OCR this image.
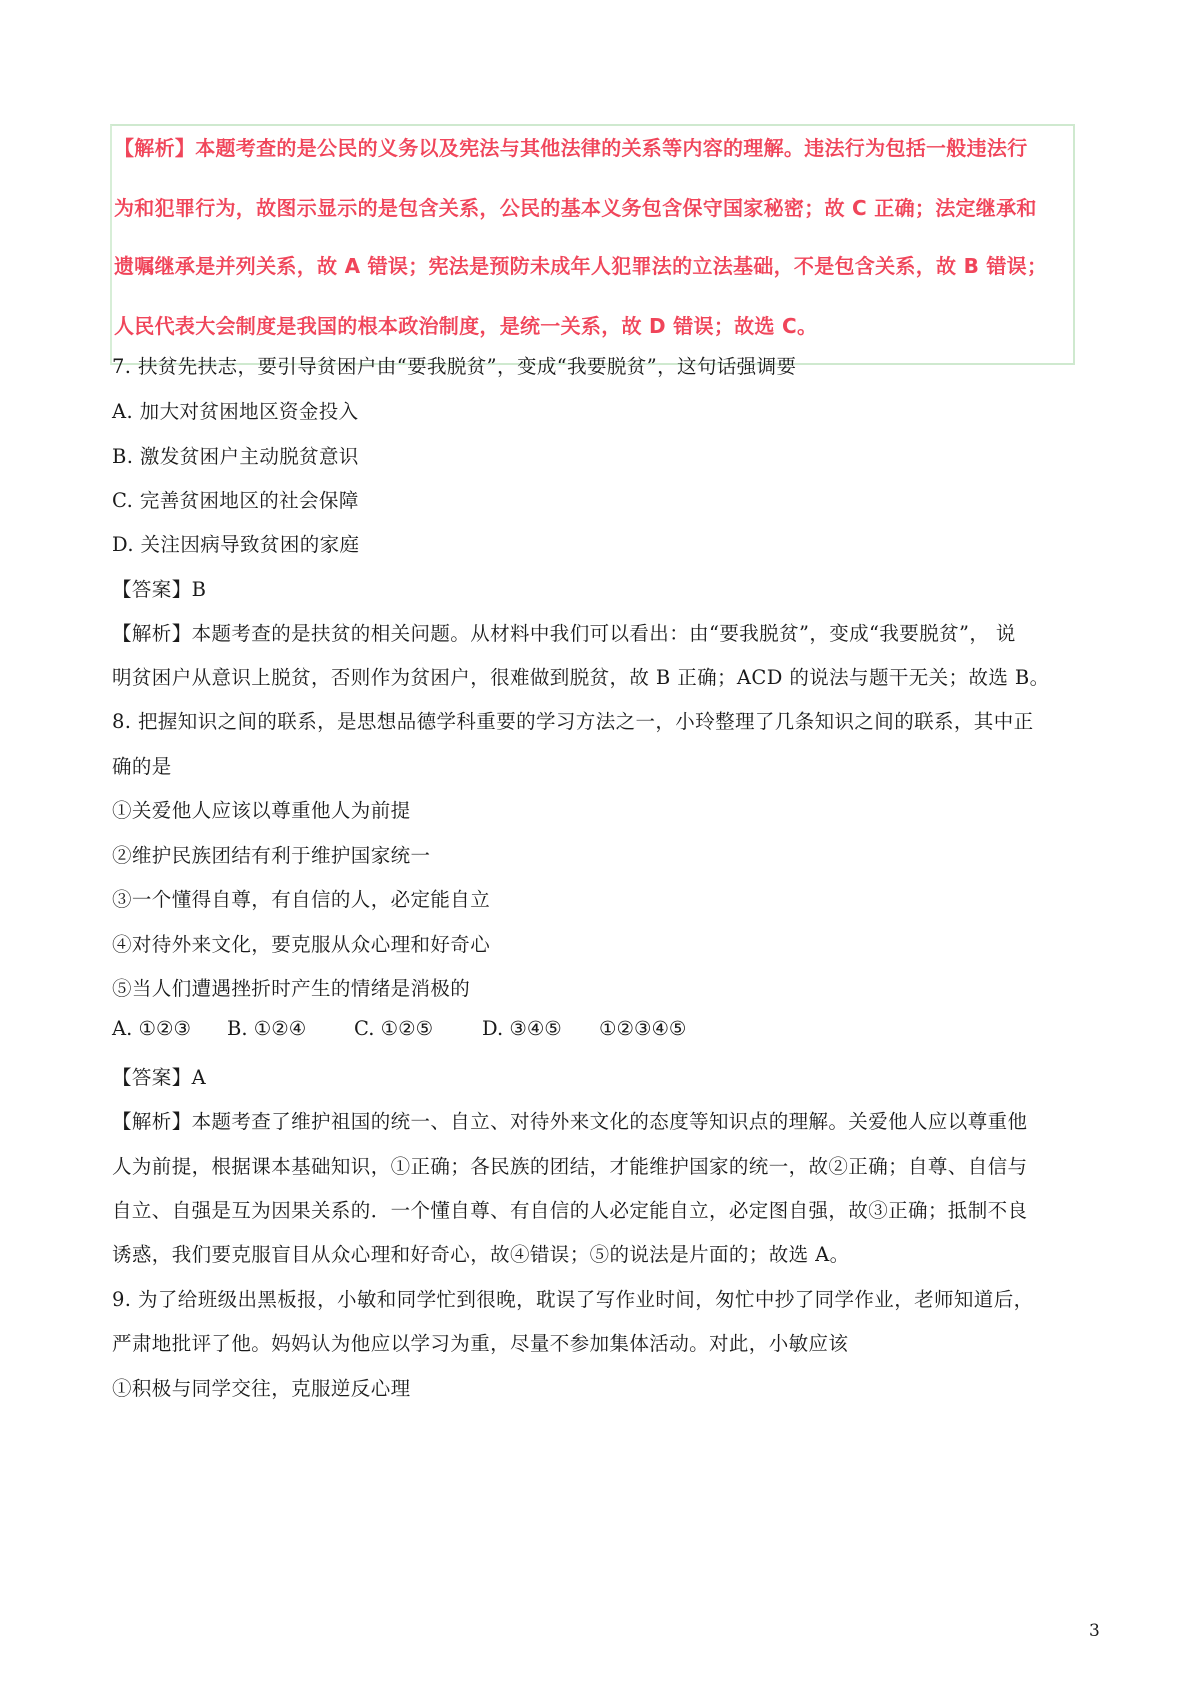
【解析】本题考查的是公民的义务以及宪法与其他法律的关系等内容的理解。违法行为包括一般违法行
为和犯罪行为，故图示显示的是包含关系，公民的基本义务包含保守国家秘密；故 C 正确；法定继承和
遗嘱继承是并列关系，故 A 错误；宪法是预防未成年人犯罪法的立法基础，不是包含关系，故 B 错误；
人民代表大会制度是我国的根本政治制度，是统一关系，故 D 错误；故选 C。
7. 扶贫先扶志，要引导贫困户由“要我脱贫”，变成“我要脱贫”，这句话强调要
A. 加大对贫困地区资金投入
B. 激发贫困户主动脱贫意识
C. 完善贫困地区的社会保障
D. 关注因病导致贫困的家庭
【答案】B
【解析】本题考查的是扶贫的相关问题。从材料中我们可以看出：由“要我脱贫”，变成“我要脱贫”， 说
明贫困户从意识上脱贫，否则作为贫困户，很难做到脱贫，故 B 正确；ACD 的说法与题干无关；故选 B。
8. 把握知识之间的联系，是思想品德学科重要的学习方法之一，小玲整理了几条知识之间的联系，其中正
确的是
①关爱他人应该以尊重他人为前提
②维护民族团结有利于维护国家统一
③一个懂得自尊，有自信的人，必定能自立
④对待外来文化，要克服从众心理和好奇心
⑤当人们遭遇挫折时产生的情绪是消极的
A. ①②③ B. ①②④ C. ①②⑤	D. ③④⑤ ①②③④⑤
【答案】A
【解析】本题考查了维护祖国的统一、自立、对待外来文化的态度等知识点的理解。关爱他人应以尊重他
人为前提，根据课本基础知识，①正确；各民族的团结，才能维护国家的统一，故②正确；自尊、自信与
自立、自强是互为因果关系的．一个懂自尊、有自信的人必定能自立，必定图自强，故③正确；抵制不良
诱惑，我们要克服盲目从众心理和好奇心，故④错误；⑤的说法是片面的；故选 A。
9. 为了给班级出黑板报，小敏和同学忙到很晚，耽误了写作业时间，匆忙中抄了同学作业，老师知道后，
严肃地批评了他。妈妈认为他应以学习为重，尽量不参加集体活动。对此，小敏应该
①积极与同学交往，克服逆反心理
3
